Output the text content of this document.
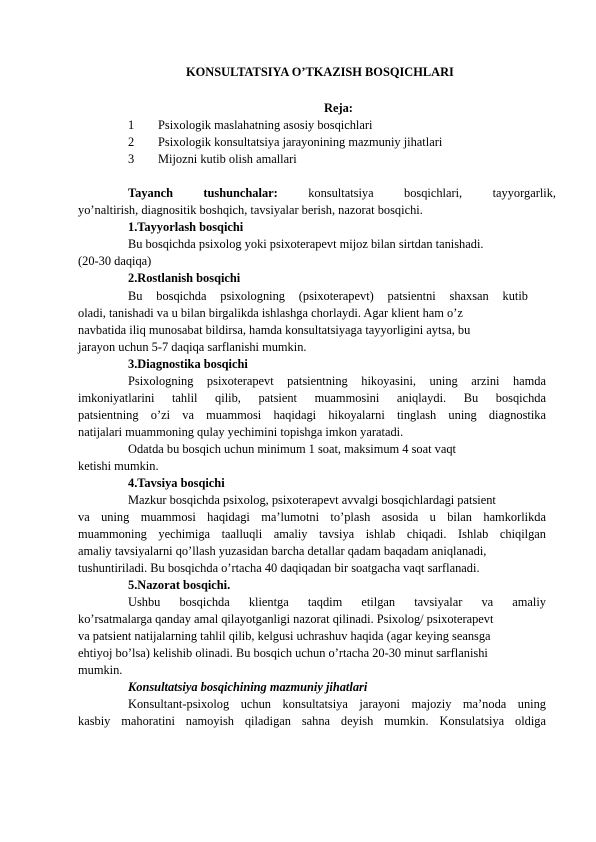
KONSULTATSIYA O’TKAZISH BOSQICHLARI
Reja:
1 Psixologik maslahatning asosiy bosqichlari
2 Psixologik konsultatsiya jarayonining mazmuniy jihatlari
3 Mijozni kutib olish amallari
Tayanch tushunchalar: konsultatsiya bosqichlari, tayyorgarlik,
yo’naltirish, diagnositik boshqich, tavsiyalar berish, nazorat bosqichi.
1.Tayyorlash bosqichi
Bu bosqichda psixolog yoki psixoterapevt mijoz bilan sirtdan tanishadi.
(20-30 daqiqa)
2.Rostlanish bosqichi
Bu bosqichda psixologning (psixoterapevt) patsientni shaxsan kutib
oladi, tanishadi va u bilan birgalikda ishlashga chorlaydi. Agar klient ham o’z
navbatida iliq munosabat bildirsa, hamda konsultatsiyaga tayyorligini aytsa, bu
jarayon uchun 5-7 daqiqa sarflanishi mumkin.
3.Diagnostika bosqichi
Psixologning psixoterapevt patsientning hikoyasini, uning arzini hamda
imkoniyatlarini tahlil qilib, patsient muammosini aniqlaydi. Bu bosqichda
patsientning o’zi va muammosi haqidagi hikoyalarni tinglash uning diagnostika
natijalari muammoning qulay yechimini topishga imkon yaratadi.
Odatda bu bosqich uchun minimum 1 soat, maksimum 4 soat vaqt
ketishi mumkin.
4.Tavsiya bosqichi
Mazkur bosqichda psixolog, psixoterapevt avvalgi bosqichlardagi patsient
va uning muammosi haqidagi ma’lumotni to’plash asosida u bilan hamkorlikda
muammoning yechimiga taalluqli amaliy tavsiya ishlab chiqadi. Ishlab chiqilgan
amaliy tavsiyalarni qo’llash yuzasidan barcha detallar qadam baqadam aniqlanadi,
tushuntiriladi. Bu bosqichda o’rtacha 40 daqiqadan bir soatgacha vaqt sarflanadi.
5.Nazorat bosqichi.
Ushbu bosqichda klientga taqdim etilgan tavsiyalar va amaliy
ko’rsatmalarga qanday amal qilayotganligi nazorat qilinadi. Psixolog/ psixoterapevt
va patsient natijalarning tahlil qilib, kelgusi uchrashuv haqida (agar keying seansga
ehtiyoj bo’lsa) kelishib olinadi. Bu bosqich uchun o’rtacha 20-30 minut sarflanishi
mumkin.
Konsultatsiya bosqichining mazmuniy jihatlari
Konsultant-psixolog uchun konsultatsiya jarayoni majoziy ma’noda uning
kasbiy mahoratini namoyish qiladigan sahna deyish mumkin. Konsulatsiya oldiga
